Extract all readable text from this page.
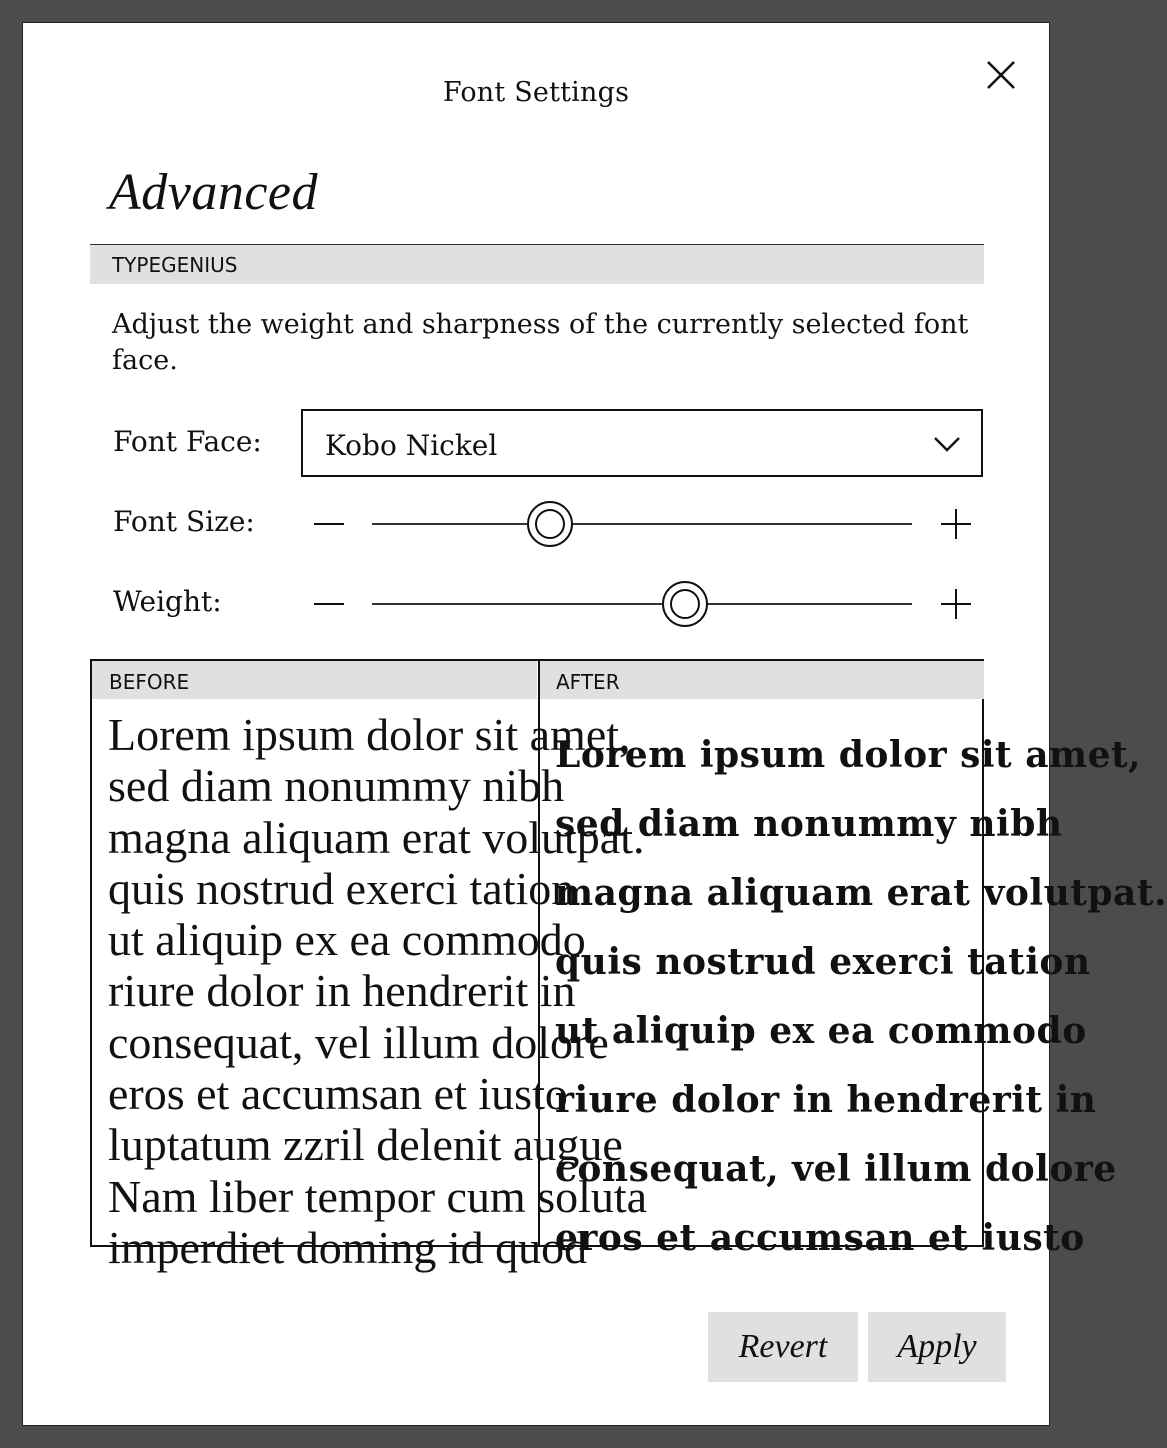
Font Settings
Advanced
TYPEGENIUS
Adjust the weight and sharpness of the currently selected font face.
Font Face: Kobo Nickel
Font Size:
Weight:
BEFORE
Lorem ipsum dolor sit amet,
sed diam nonummy nibh
magna aliquam erat volutpat.
quis nostrud exerci tation
ut aliquip ex ea commodo
riure dolor in hendrerit in
consequat, vel illum dolore
eros et accumsan et iusto
luptatum zzril delenit augue
Nam liber tempor cum soluta
imperdiet doming id quod
AFTER
Lorem ipsum dolor sit amet,
sed diam nonummy nibh
magna aliquam erat volutpat.
quis nostrud exerci tation
ut aliquip ex ea commodo
riure dolor in hendrerit in
consequat, vel illum dolore
eros et accumsan et iusto
Revert	Apply
